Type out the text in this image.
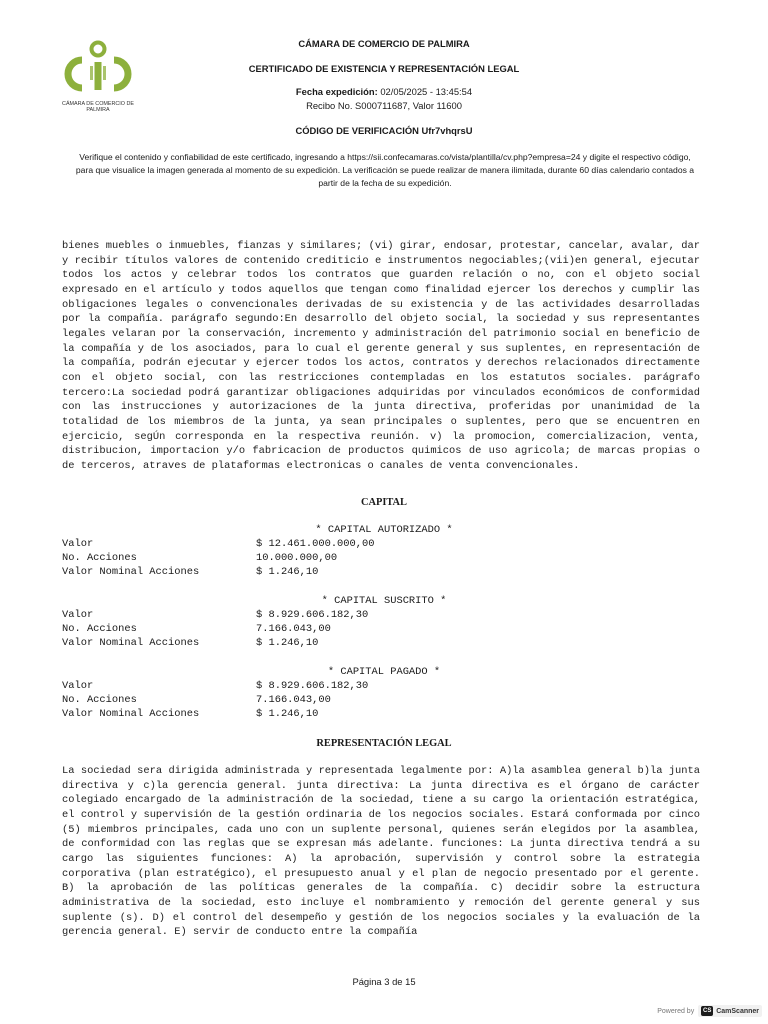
CÁMARA DE COMERCIO DE PALMIRA
CÁMARA DE COMERCIO DE PALMIRA
CERTIFICADO DE EXISTENCIA Y REPRESENTACIÓN LEGAL
Fecha expedición: 02/05/2025 - 13:45:54
Recibo No. S000711687, Valor 11600
CÓDIGO DE VERIFICACIÓN Ufr7vhqrsU
Verifique el contenido y confiabilidad de este certificado, ingresando a https://sii.confecamaras.co/vista/plantilla/cv.php?empresa=24 y digite el respectivo código, para que visualice la imagen generada al momento de su expedición. La verificación se puede realizar de manera ilimitada, durante 60 días calendario contados a partir de la fecha de su expedición.

bienes muebles o inmuebles, fianzas y similares; (vi) girar, endosar, protestar, cancelar, avalar, dar y recibir títulos valores de contenido crediticio e instrumentos negociables;(vii)en general, ejecutar todos los actos y celebrar todos los contratos que guarden relación o no, con el objeto social expresado en el artículo y todos aquellos que tengan como finalidad ejercer los derechos y cumplir las obligaciones legales o convencionales derivadas de su existencia y de las actividades desarrolladas por la compañía. parágrafo segundo:En desarrollo del objeto social, la sociedad y sus representantes legales velaran por la conservación, incremento y administración del patrimonio social en beneficio de la compañía y de los asociados, para lo cual el gerente general y sus suplentes, en representación de la compañía, podrán ejecutar y ejercer todos los actos, contratos y derechos relacionados directamente con el objeto social, con las restricciones contempladas en los estatutos sociales. parágrafo tercero:La sociedad podrá garantizar obligaciones adquiridas por vinculados económicos de conformidad con las instrucciones y autorizaciones de la junta directiva, proferidas por unanimidad de la totalidad de los miembros de la junta, ya sean principales o suplentes, pero que se encuentren en ejercicio, segÚn corresponda en la respectiva reunión. v) la promocion, comercializacion, venta, distribucion, importacion y/o fabricacion de productos quimicos de uso agricola; de marcas propias o de terceros, atraves de plataformas electronicas o canales de venta convencionales.

CAPITAL
* CAPITAL AUTORIZADO *
Valor	$ 12.461.000.000,00
No. Acciones	10.000.000,00
Valor Nominal Acciones	$ 1.246,10
* CAPITAL SUSCRITO *
Valor	$ 8.929.606.182,30
No. Acciones	7.166.043,00
Valor Nominal Acciones	$ 1.246,10
* CAPITAL PAGADO *
Valor	$ 8.929.606.182,30
No. Acciones	7.166.043,00
Valor Nominal Acciones	$ 1.246,10
REPRESENTACIÓN LEGAL

La sociedad sera dirigida administrada y representada legalmente por: A)la asamblea general b)la junta directiva y c)la gerencia general. junta directiva: La junta directiva es el órgano de carácter colegiado encargado de la administración de la sociedad, tiene a su cargo la orientación estratégica, el control y supervisión de la gestión ordinaria de los negocios sociales. Estará conformada por cinco (5) miembros principales, cada uno con un suplente personal, quienes serán elegidos por la asamblea, de conformidad con las reglas que se expresan más adelante. funciones: La junta directiva tendrá a su cargo las siguientes funciones: A) la aprobación, supervisión y control sobre la estrategia corporativa (plan estratégico), el presupuesto anual y el plan de negocio presentado por el gerente. B) la aprobación de las políticas generales de la compañía. C) decidir sobre la estructura administrativa de la sociedad, esto incluye el nombramiento y remoción del gerente general y sus suplente (s). D) el control del desempeño y gestión de los negocios sociales y la evaluación de la gerencia general. E) servir de conducto entre la compañía

Página 3 de 15
Powered by	CS CamScanner
